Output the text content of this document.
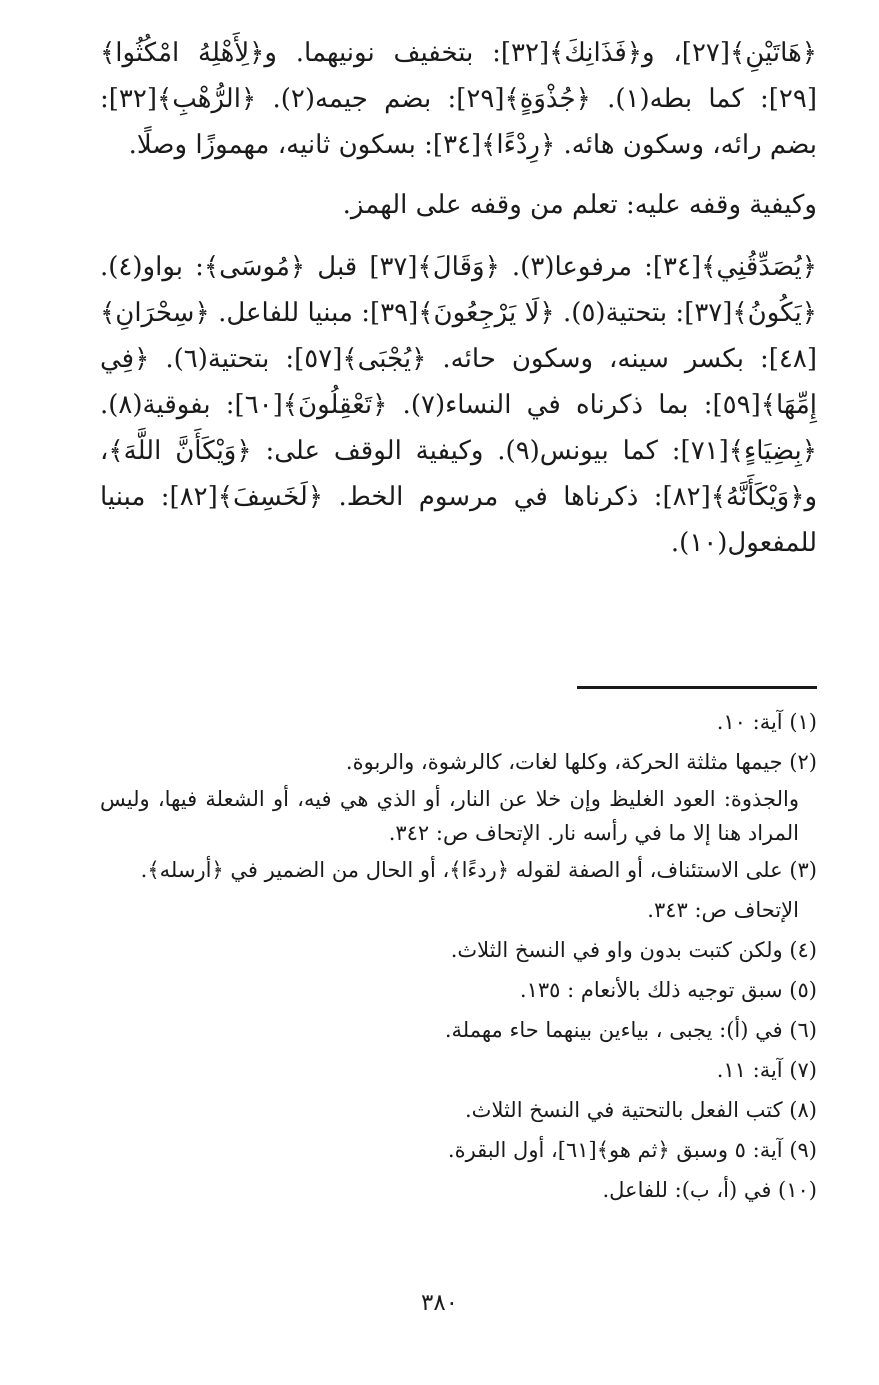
﴿هَاتَيْنِ﴾[٢٧]، و﴿فَذَانِكَ﴾[٣٢]: بتخفيف نونيهما. و﴿لِأَهْلِهُ امْكُثُوا﴾[٢٩]: كما بطه(١). ﴿جُذْوَةٍ﴾[٢٩]: بضم جيمه(٢). ﴿الرُّهْبِ﴾[٣٢]: بضم رائه، وسكون هائه. ﴿رِدْءًا﴾[٣٤]: بسكون ثانيه، مهموزًا وصلًا.

وكيفية وقفه عليه: تعلم من وقفه على الهمز.

﴿يُصَدِّقُنِي﴾[٣٤]: مرفوعا(٣). ﴿وَقَالَ﴾[٣٧] قبل ﴿مُوسَى﴾: بواو(٤). ﴿يَكُونُ﴾[٣٧]: بتحتية(٥). ﴿لَا يَرْجِعُونَ﴾[٣٩]: مبنيا للفاعل. ﴿سِحْرَانِ﴾[٤٨]: بكسر سينه، وسكون حائه. ﴿يُجْبَى﴾[٥٧]: بتحتية(٦). ﴿فِي إِمِّهَا﴾[٥٩]: بما ذكرناه في النساء(٧). ﴿تَعْقِلُونَ﴾[٦٠]: بفوقية(٨). ﴿بِضِيَاءٍ﴾[٧١]: كما بيونس(٩). وكيفية الوقف على: ﴿وَيْكَأَنَّ اللَّهَ﴾، و﴿وَيْكَأَنَّهُ﴾[٨٢]: ذكرناها في مرسوم الخط. ﴿لَخَسِفَ﴾[٨٢]: مبنيا للمفعول(١٠).

(١) آية: ١٠.

(٢) جيمها مثلثة الحركة، وكلها لغات، كالرشوة، والربوة.

والجذوة: العود الغليظ وإن خلا عن النار، أو الذي هي فيه، أو الشعلة فيها، وليس المراد هنا إلا ما في رأسه نار. الإتحاف ص: ٣٤٢.

(٣) على الاستئناف، أو الصفة لقوله ﴿ردءًا﴾، أو الحال من الضمير في ﴿أرسله﴾.

الإتحاف ص: ٣٤٣.

(٤) ولكن كتبت بدون واو في النسخ الثلاث.

(٥) سبق توجيه ذلك بالأنعام : ١٣٥.

(٦) في (أ): يجبى ، بياءين بينهما حاء مهملة.

(٧) آية: ١١.

(٨) كتب الفعل بالتحتية في النسخ الثلاث.

(٩) آية: ٥ وسبق ﴿ثم هو﴾[٦١]، أول البقرة.

(١٠) في (أ، ب): للفاعل.

٣٨٠
